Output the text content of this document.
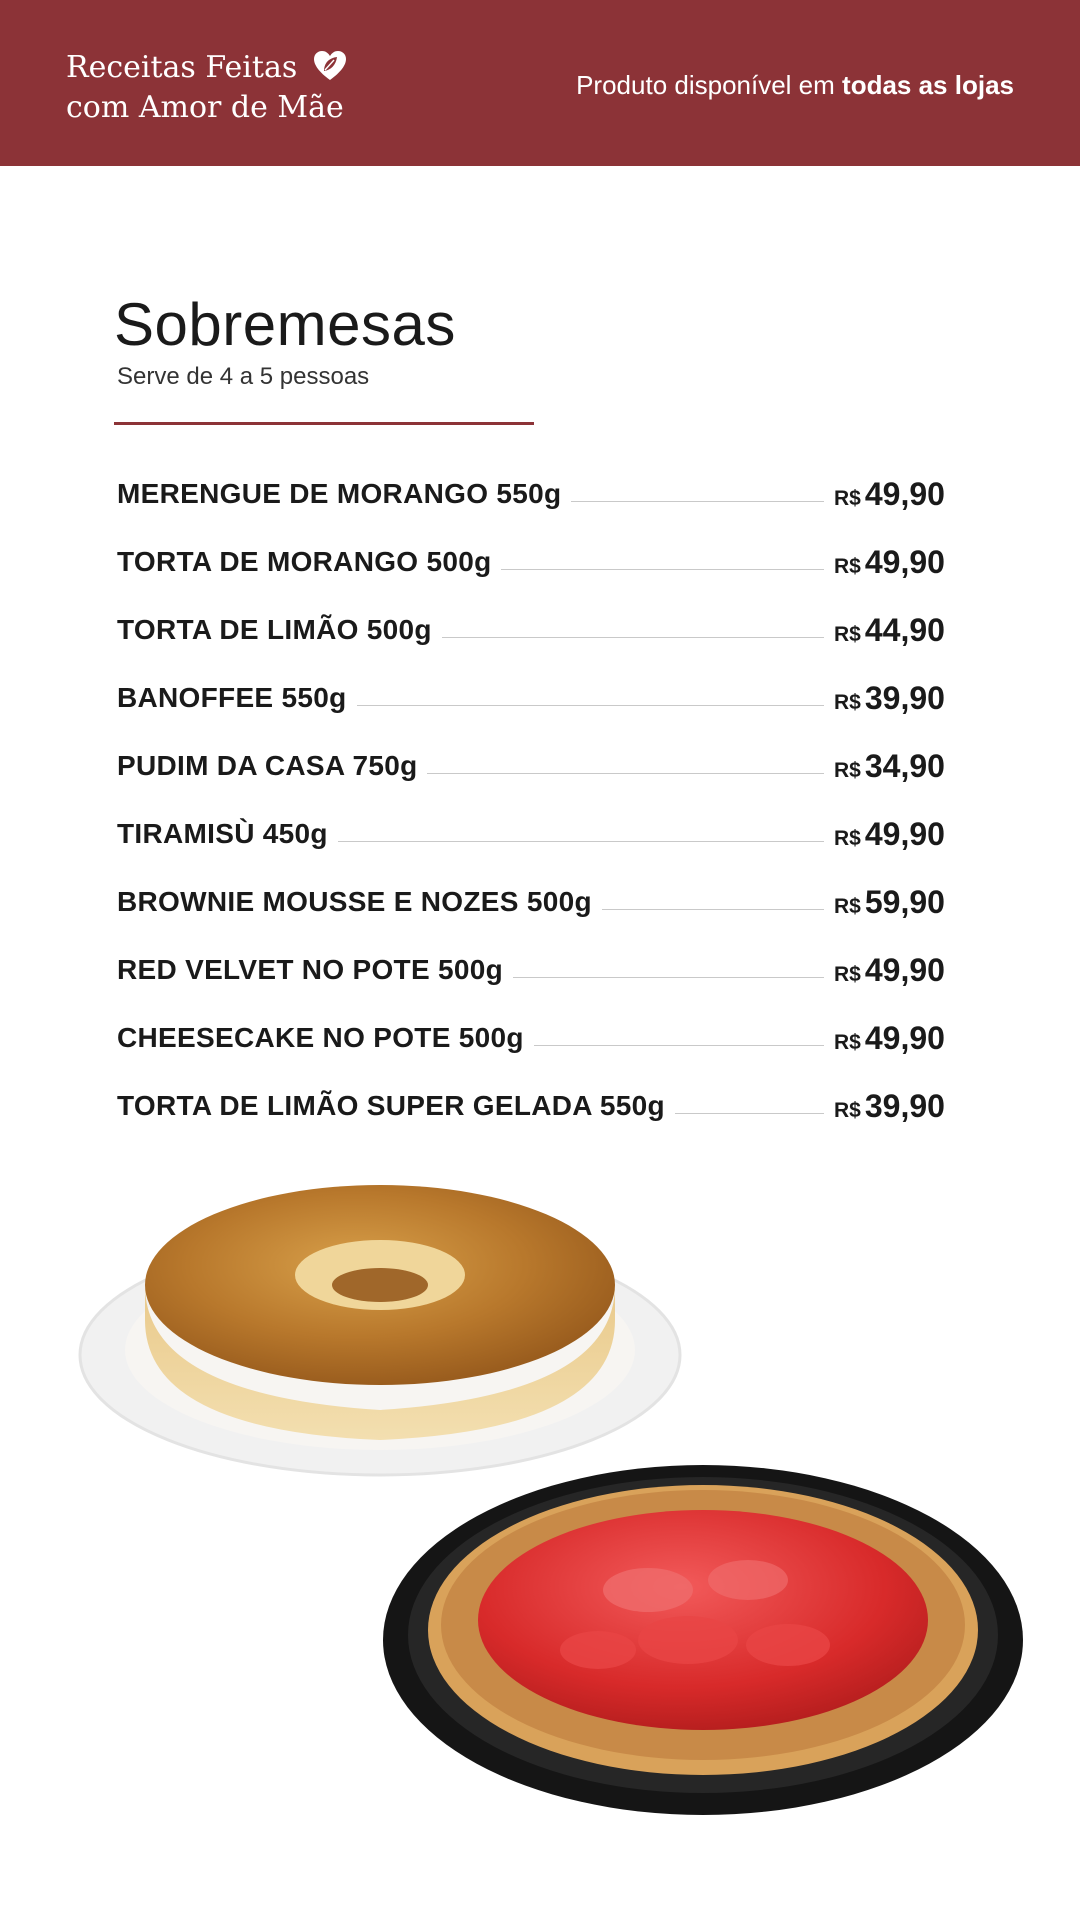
Receitas Feitas
com Amor de Mãe
Produto disponível em todas as lojas
Sobremesas
Serve de 4 a 5 pessoas
MERENGUE DE MORANGO 550g	R$ 49,90
TORTA DE MORANGO 500g	R$ 49,90
TORTA DE LIMÃO 500g	R$ 44,90
BANOFFEE 550g	R$ 39,90
PUDIM DA CASA 750g	R$ 34,90
TIRAMISÙ 450g	R$ 49,90
BROWNIE MOUSSE E NOZES 500g	R$ 59,90
RED VELVET NO POTE 500g	R$ 49,90
CHEESECAKE NO POTE 500g	R$ 49,90
TORTA DE LIMÃO SUPER GELADA 550g	R$ 39,90
